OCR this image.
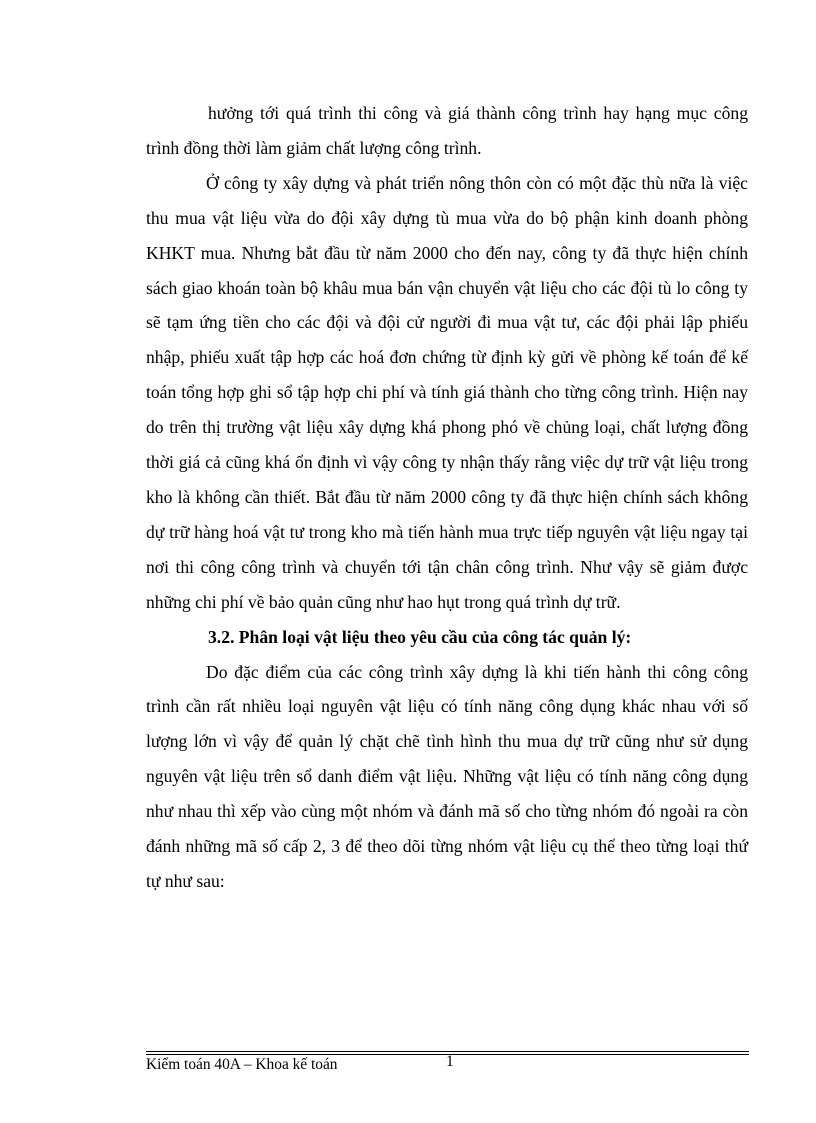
hưởng tới quá trình thi công và giá thành công trình hay hạng mục công trình đồng thời làm giảm chất lượng công trình.

Ở công ty xây dựng và phát triển nông thôn còn có một đặc thù nữa là việc thu mua vật liệu vừa do đội xây dựng tù mua vừa do bộ phận kinh doanh phòng KHKT mua. Nhưng bắt đầu từ năm 2000 cho đến nay, công ty đã thực hiện chính sách giao khoán toàn bộ khâu mua bán vận chuyển vật liệu cho các đội tù lo công ty sẽ tạm ứng tiền cho các đội và đội cử người đi mua vật tư, các đội phải lập phiếu nhập, phiếu xuất tập hợp các hoá đơn chứng từ định kỳ gửi về phòng kế toán để kế toán tổng hợp ghi sổ tập hợp chi phí và tính giá thành cho từng công trình. Hiện nay do trên thị trường vật liệu xây dựng khá phong phó về chủng loại, chất lượng đồng thời giá cả cũng khá ổn định vì vậy công ty nhận thấy rằng việc dự trữ vật liệu trong kho là không cần thiết. Bắt đầu từ năm 2000 công ty đã thực hiện chính sách không dự trữ hàng hoá vật tư trong kho mà tiến hành mua trực tiếp nguyên vật liệu ngay tại nơi thi công công trình và chuyển tới tận chân công trình. Như vậy sẽ giảm được những chi phí về bảo quản cũng như hao hụt trong quá trình dự trữ.

3.2. Phân loại vật liệu theo yêu cầu của công tác quản lý:

Do đặc điểm của các công trình xây dựng là khi tiến hành thi công công trình cần rất nhiều loại nguyên vật liệu có tính năng công dụng khác nhau với số lượng lớn vì vậy để quản lý chặt chẽ tình hình thu mua dự trữ cũng như sử dụng nguyên vật liệu trên sổ danh điểm vật liệu. Những vật liệu có tính năng công dụng như nhau thì xếp vào cùng một nhóm và đánh mã số cho từng nhóm đó ngoài ra còn đánh những mã số cấp 2, 3 để theo dõi từng nhóm vật liệu cụ thể theo từng loại thứ tự như sau:

Kiểm toán 40A – Khoa kế toán	1
